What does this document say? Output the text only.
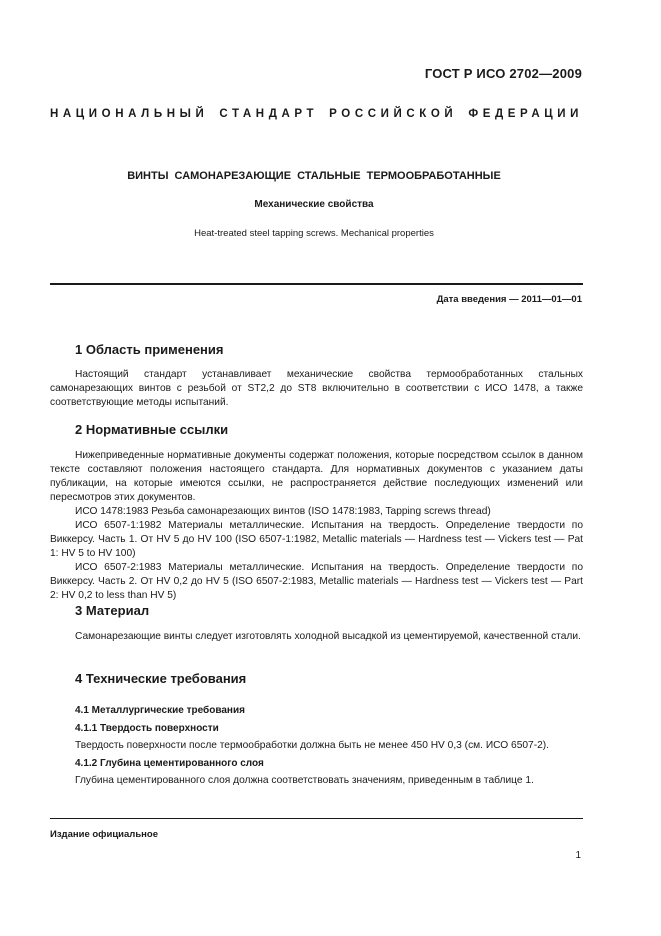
ГОСТ Р ИСО 2702—2009
НАЦИОНАЛЬНЫЙ СТАНДАРТ РОССИЙСКОЙ ФЕДЕРАЦИИ
ВИНТЫ САМОНАРЕЗАЮЩИЕ СТАЛЬНЫЕ ТЕРМООБРАБОТАННЫЕ
Механические свойства
Heat-treated steel tapping screws. Mechanical properties
Дата введения — 2011—01—01
1 Область применения

Настоящий стандарт устанавливает механические свойства термообработанных стальных самонарезающих винтов с резьбой от ST2,2 до ST8 включительно в соответствии с ИСО 1478, а также соответствующие методы испытаний.

2 Нормативные ссылки

Нижеприведенные нормативные документы содержат положения, которые посредством ссылок в данном тексте составляют положения настоящего стандарта. Для нормативных документов с указанием даты публикации, на которые имеются ссылки, не распространяется действие последующих изменений или пересмотров этих документов.

ИСО 1478:1983 Резьба самонарезающих винтов (ISO 1478:1983, Tapping screws thread)

ИСО 6507-1:1982 Материалы металлические. Испытания на твердость. Определение твердости по Виккерсу. Часть 1. От HV 5 до HV 100 (ISO 6507-1:1982, Metallic materials — Hardness test — Vickers test — Pat 1: HV 5 to HV 100)

ИСО 6507-2:1983 Материалы металлические. Испытания на твердость. Определение твердости по Виккерсу. Часть 2. От HV 0,2 до HV 5 (ISO 6507-2:1983, Metallic materials — Hardness test — Vickers test — Part 2: HV 0,2 to less than HV 5)

3 Материал

Самонарезающие винты следует изготовлять холодной высадкой из цементируемой, качественной стали.

4 Технические требования
4.1 Металлургические требования
4.1.1 Твердость поверхности

Твердость поверхности после термообработки должна быть не менее 450 HV 0,3 (см. ИСО 6507-2).

4.1.2 Глубина цементированного слоя

Глубина цементированного слоя должна соответствовать значениям, приведенным в таблице 1.

Издание официальное
1
